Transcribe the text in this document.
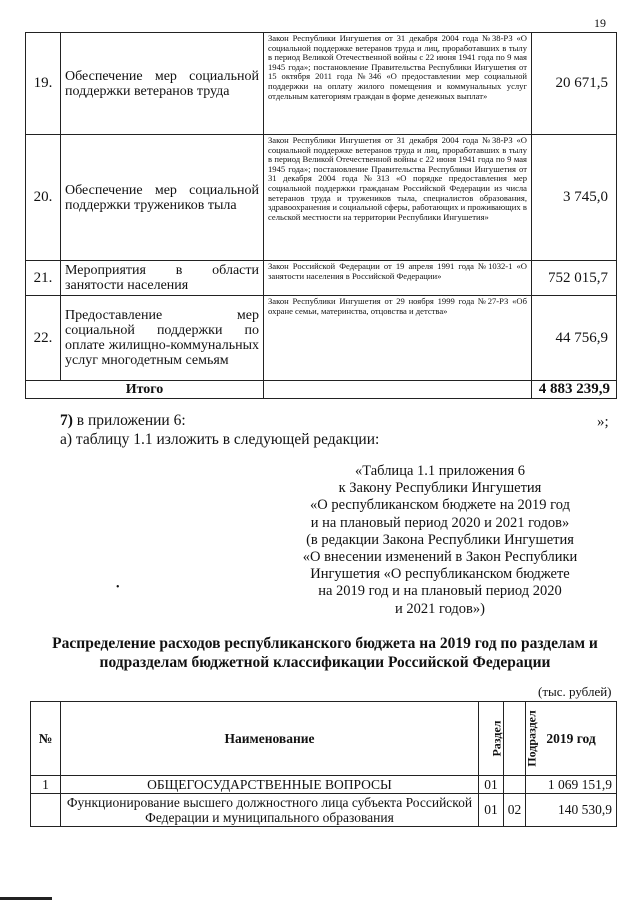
19
19.	Обеспечение мер социальной поддержки ветеранов труда	Закон Республики Ингушетия от 31 декабря 2004 года №38-РЗ «О социальной поддержке ветеранов труда и лиц, проработавших в тылу в период Великой Отечественной войны с 22 июня 1941 года по 9 мая 1945 года»; постановление Правительства Республики Ингушетия от 15 октября 2011 года №346 «О предоставлении мер социальной поддержки на оплату жилого помещения и коммунальных услуг отдельным категориям граждан в форме денежных выплат»	20 671,5
20.	Обеспечение мер социальной поддержки тружеников тыла	Закон Республики Ингушетия от 31 декабря 2004 года №38-РЗ «О социальной поддержке ветеранов труда и лиц, проработавших в тылу в период Великой Отечественной войны с 22 июня 1941 года по 9 мая 1945 года»; постановление Правительства Республики Ингушетия от 31 декабря 2004 года №313 «О порядке предоставления мер социальной поддержки гражданам Российской Федерации из числа ветеранов труда и тружеников тыла, специалистов образования, здравоохранения и социальной сферы, работающих и проживающих в сельской местности на территории Республики Ингушетия»	3 745,0
21.	Мероприятия в области занятости населения	Закон Российской Федерации от 19 апреля 1991 года №1032-1 «О занятости населения в Российской Федерации»	752 015,7
22.	Предоставление мер социальной поддержки по оплате жилищно-коммунальных услуг многодетным семьям	Закон Республики Ингушетия от 29 ноября 1999 года №27-РЗ «Об охране семьи, материнства, отцовства и детства»	44 756,9
Итого			4 883 239,9
»;
7) в приложении 6:
а) таблицу 1.1 изложить в следующей редакции:
«Таблица 1.1 приложения 6
к Закону Республики Ингушетия
«О республиканском бюджете на 2019 год
и на плановый период 2020 и 2021 годов»
(в редакции Закона Республики Ингушетия
«О внесении изменений в Закон Республики
Ингушетия «О республиканском бюджете
на 2019 год и на плановый период 2020
и 2021 годов»)
•
Распределение расходов республиканского бюджета на 2019 год по разделам и подразделам бюджетной классификации Российской Федерации
(тыс. рублей)
№	Наименование	Раздел	Подраздел	2019 год
1	ОБЩЕГОСУДАРСТВЕННЫЕ ВОПРОСЫ	01		1 069 151,9
	Функционирование высшего должностного лица субъекта Российской Федерации и муниципального образования	01	02	140 530,9
